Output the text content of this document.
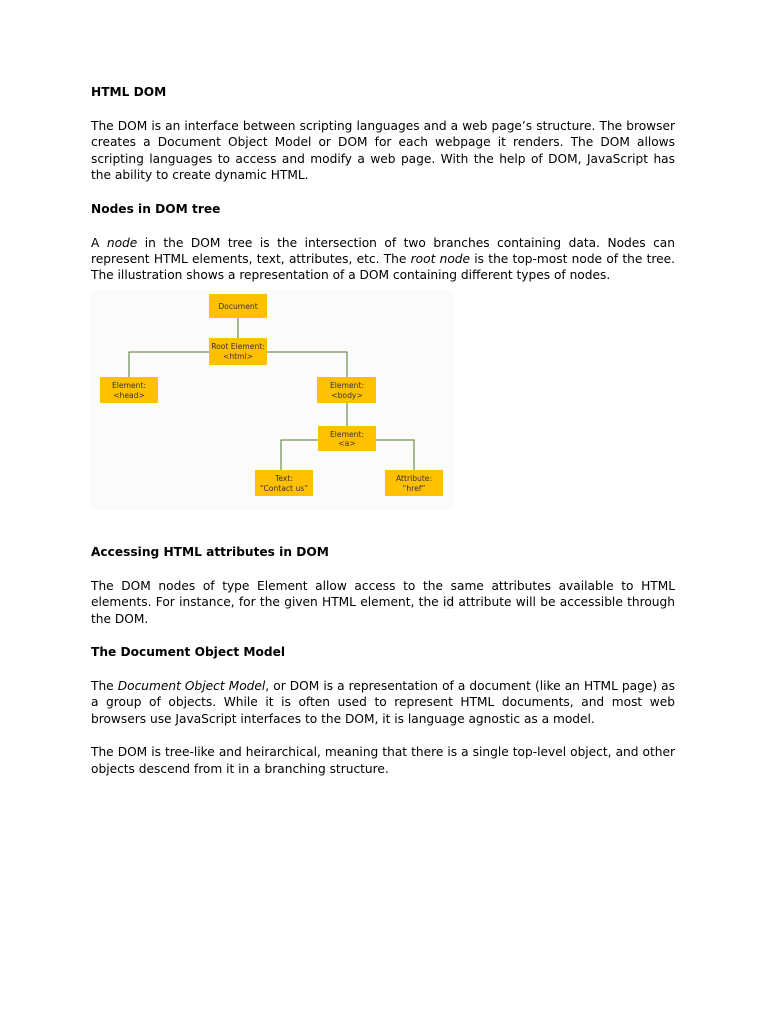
HTML DOM

The DOM is an interface between scripting languages and a web page’s structure. The browser creates a Document Object Model or DOM for each webpage it renders. The DOM allows scripting languages to access and modify a web page. With the help of DOM, JavaScript has the ability to create dynamic HTML.

Nodes in DOM tree

A node in the DOM tree is the intersection of two branches containing data. Nodes can represent HTML elements, text, attributes, etc. The root node is the top-most node of the tree. The illustration shows a representation of a DOM containing different types of nodes.

Document
Root Element:
<html>
Element:
<head>
Element:
<body>
Element:
<a>
Text:
“Contact us”
Attribute:
“href”

Accessing HTML attributes in DOM

The DOM nodes of type Element allow access to the same attributes available to HTML elements. For instance, for the given HTML element, the id attribute will be accessible through the DOM.

The Document Object Model

The Document Object Model, or DOM is a representation of a document (like an HTML page) as a group of objects. While it is often used to represent HTML documents, and most web browsers use JavaScript interfaces to the DOM, it is language agnostic as a model.

The DOM is tree-like and heirarchical, meaning that there is a single top-level object, and other objects descend from it in a branching structure.
